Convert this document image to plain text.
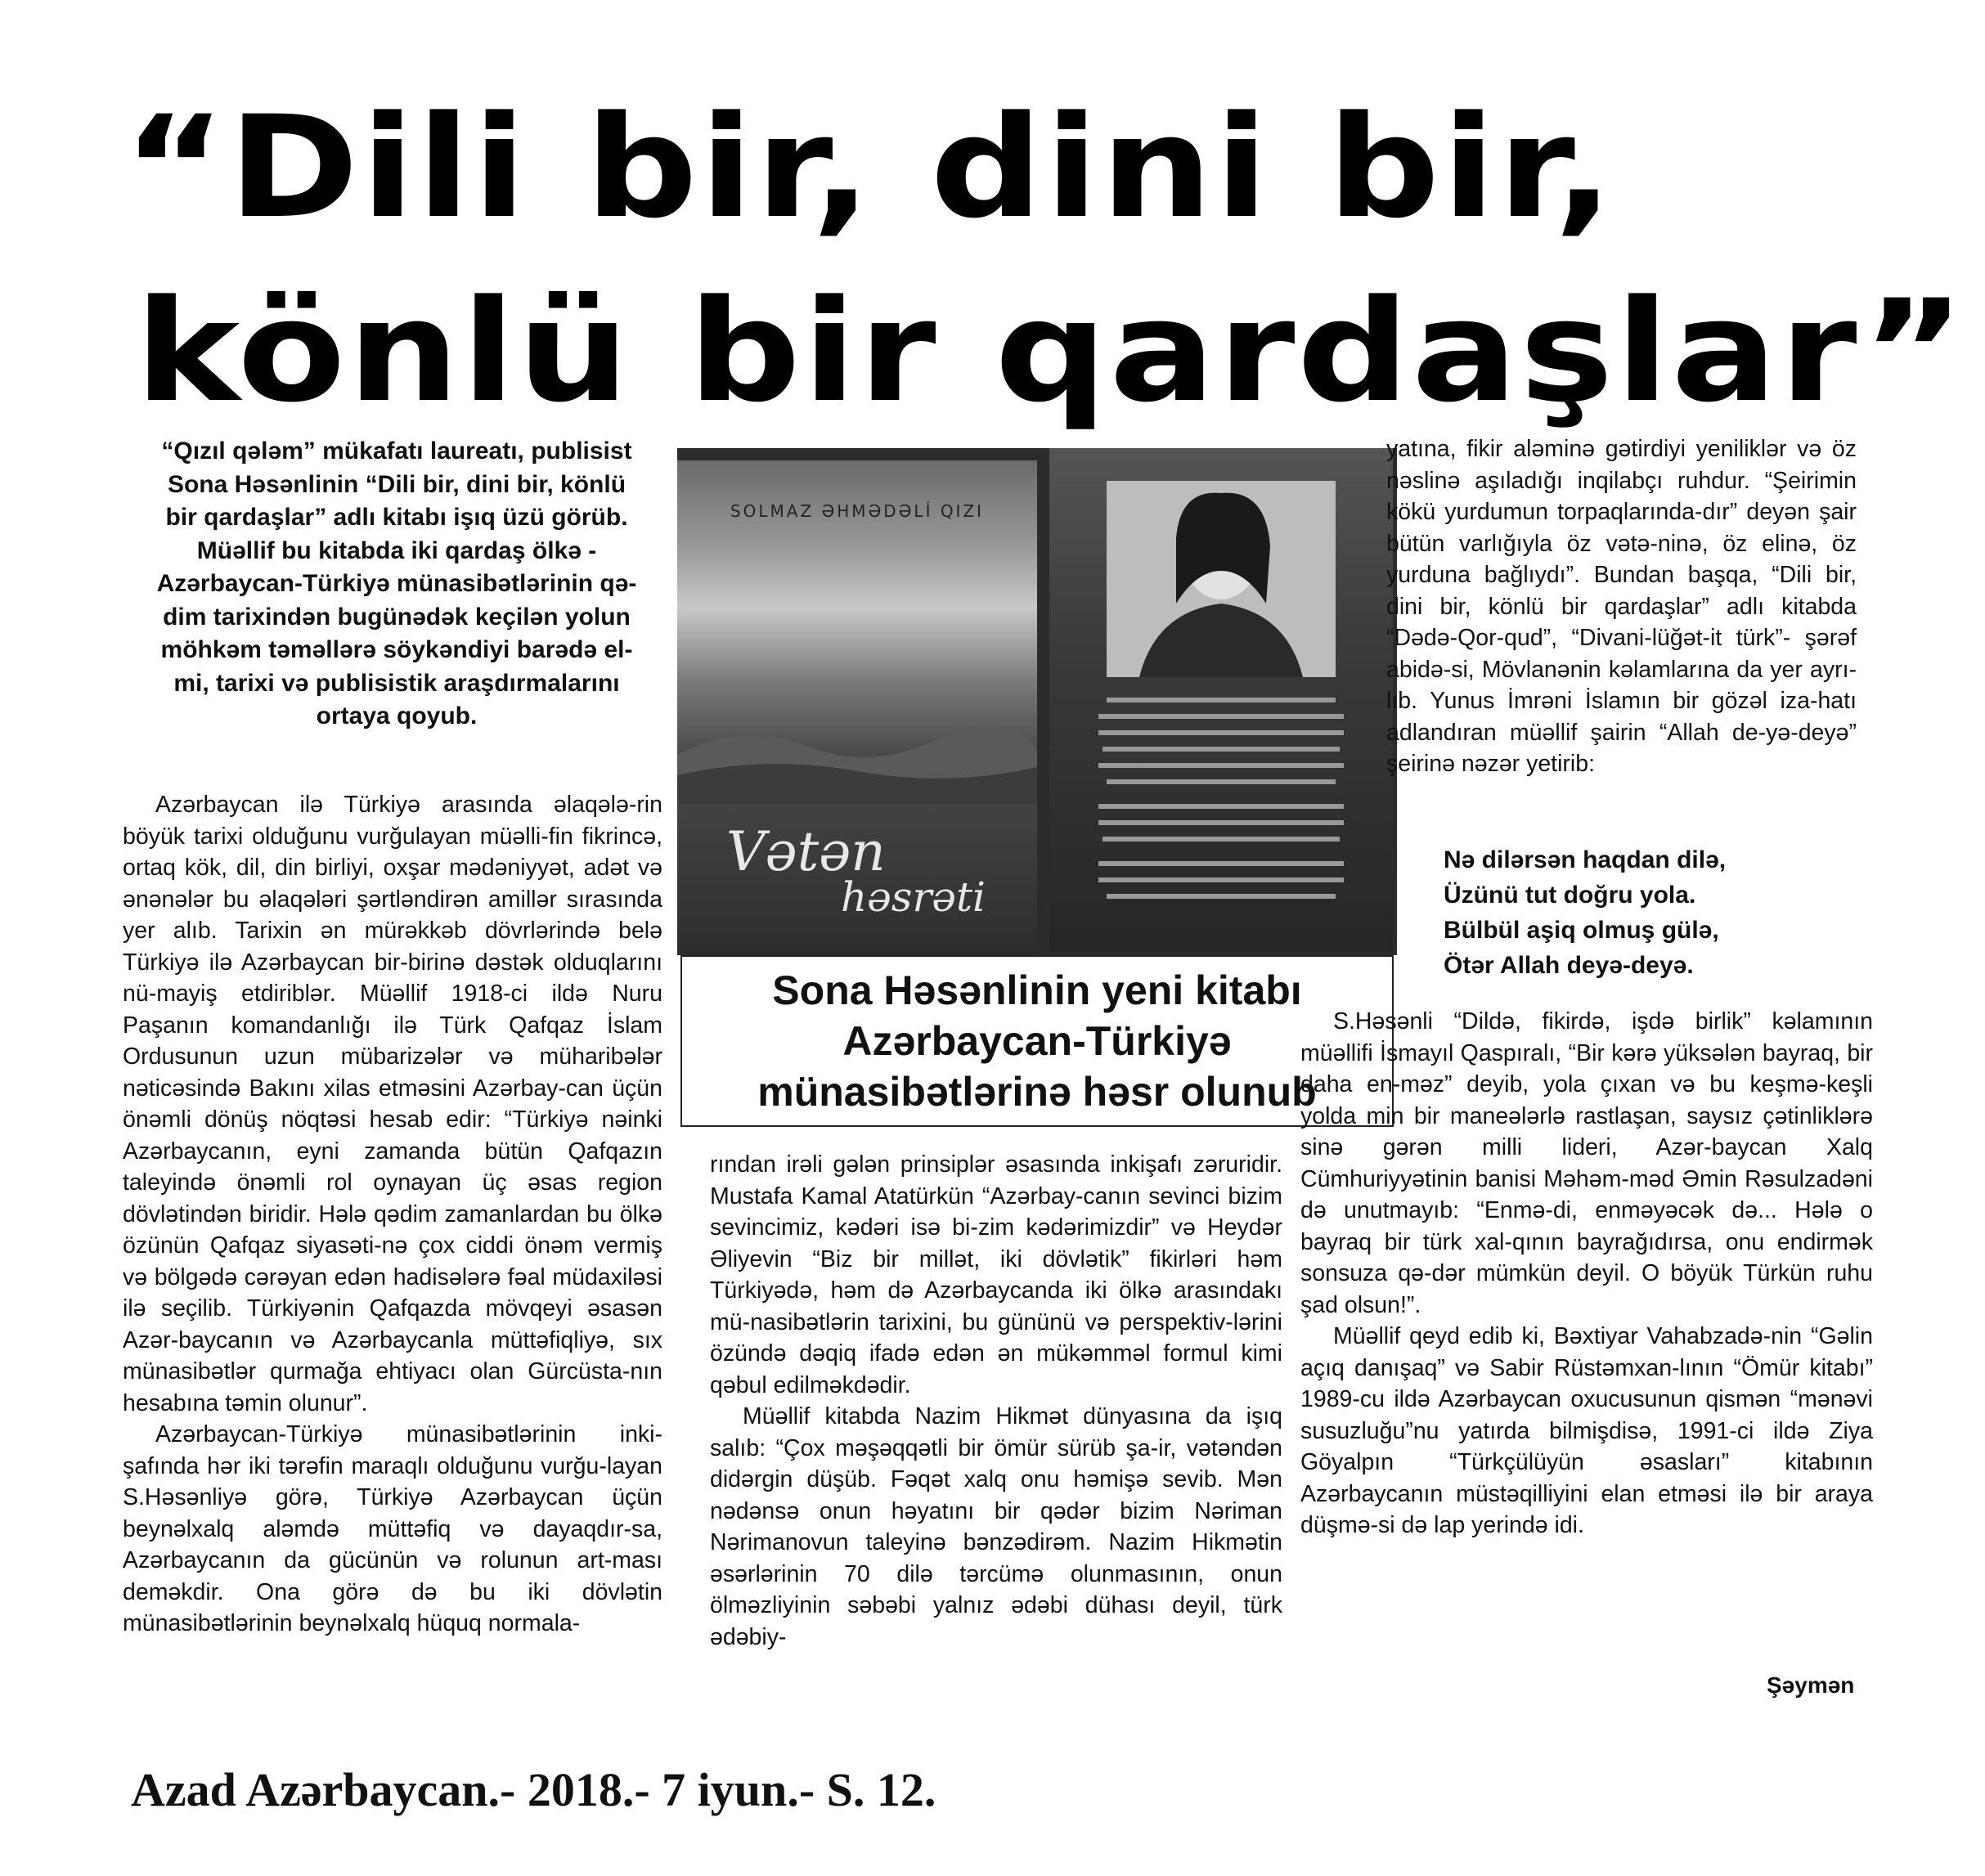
“Dili bir, dini bir,
könlü bir qardaşlar”
“Qızıl qələm” mükafatı laureatı, publisist
Sona Həsənlinin “Dili bir, dini bir, könlü
bir qardaşlar” adlı kitabı işıq üzü görüb.
Müəllif bu kitabda iki qardaş ölkə -
Azərbaycan-Türkiyə münasibətlərinin qə-
dim tarixindən bugünədək keçilən yolun
möhkəm təməllərə söykəndiyi barədə el-
mi, tarixi və publisistik araşdırmalarını
ortaya qoyub.

Azərbaycan ilə Türkiyə arasında əlaqələ-rin böyük tarixi olduğunu vurğulayan müəlli-fin fikrincə, ortaq kök, dil, din birliyi, oxşar mədəniyyət, adət və ənənələr bu əlaqələri şərtləndirən amillər sırasında yer alıb. Tarixin ən mürəkkəb dövrlərində belə Türkiyə ilə Azərbaycan bir-birinə dəstək olduqlarını nü-mayiş etdiriblər. Müəllif 1918-ci ildə Nuru Paşanın komandanlığı ilə Türk Qafqaz İslam Ordusunun uzun mübarizələr və müharibələr nəticəsində Bakını xilas etməsini Azərbay-can üçün önəmli dönüş nöqtəsi hesab edir: “Türkiyə nəinki Azərbaycanın, eyni zamanda bütün Qafqazın taleyində önəmli rol oynayan üç əsas region dövlətindən biridir. Hələ qədim zamanlardan bu ölkə özünün Qafqaz siyasəti-nə çox ciddi önəm vermiş və bölgədə cərəyan edən hadisələrə fəal müdaxiləsi ilə seçilib. Türkiyənin Qafqazda mövqeyi əsasən Azər-baycanın və Azərbaycanla müttəfiqliyə, sıx münasibətlər qurmağa ehtiyacı olan Gürcüsta-nın hesabına təmin olunur”.

Azərbaycan-Türkiyə münasibətlərinin inki-şafında hər iki tərəfin maraqlı olduğunu vurğu-layan S.Həsənliyə görə, Türkiyə Azərbaycan üçün beynəlxalq aləmdə müttəfiq və dayaqdır-sa, Azərbaycanın da gücünün və rolunun art-ması deməkdir. Ona görə də bu iki dövlətin münasibətlərinin beynəlxalq hüquq normala-

SOLMAZ ƏHMƏDƏLİ QIZI
Vətən
həsrəti
Sona Həsənlinin yeni kitabı
Azərbaycan-Türkiyə
münasibətlərinə həsr olunub

rından irəli gələn prinsiplər əsasında inkişafı zəruridir. Mustafa Kamal Atatürkün “Azərbay-canın sevinci bizim sevincimiz, kədəri isə bi-zim kədərimizdir” və Heydər Əliyevin “Biz bir millət, iki dövlətik” fikirləri həm Türkiyədə, həm də Azərbaycanda iki ölkə arasındakı mü-nasibətlərin tarixini, bu gününü və perspektiv-lərini özündə dəqiq ifadə edən ən mükəmməl formul kimi qəbul edilməkdədir.

Müəllif kitabda Nazim Hikmət dünyasına da işıq salıb: “Çox məşəqqətli bir ömür sürüb şa-ir, vətəndən didərgin düşüb. Fəqət xalq onu həmişə sevib. Mən nədənsə onun həyatını bir qədər bizim Nəriman Nərimanovun taleyinə bənzədirəm. Nazim Hikmətin əsərlərinin 70 dilə tərcümə olunmasının, onun ölməzliyinin səbəbi yalnız ədəbi dühası deyil, türk ədəbiy-

yatına, fikir aləminə gətirdiyi yeniliklər və öz nəslinə aşıladığı inqilabçı ruhdur. “Şeirimin kökü yurdumun torpaqlarında-dır” deyən şair bütün varlığıyla öz vətə-ninə, öz elinə, öz yurduna bağlıydı”. Bundan başqa, “Dili bir, dini bir, könlü bir qardaşlar” adlı kitabda “Dədə-Qor-qud”, “Divani-lüğət-it türk”- şərəf abidə-si, Mövlanənin kəlamlarına da yer ayrı-lıb. Yunus İmrəni İslamın bir gözəl iza-hatı adlandıran müəllif şairin “Allah de-yə-deyə” şeirinə nəzər yetirib:

Nə dilərsən haqdan dilə,
Üzünü tut doğru yola.
Bülbül aşiq olmuş gülə,
Ötər Allah deyə-deyə.

S.Həsənli “Dildə, fikirdə, işdə birlik” kəlamının müəllifi İsmayıl Qaspıralı, “Bir kərə yüksələn bayraq, bir daha en-məz” deyib, yola çıxan və bu keşmə-keşli yolda min bir maneələrlə rastlaşan, saysız çətinliklərə sinə gərən milli lideri, Azər-baycan Xalq Cümhuriyyətinin banisi Məhəm-məd Əmin Rəsulzadəni də unutmayıb: “Enmə-di, enməyəcək də... Hələ o bayraq bir türk xal-qının bayrağıdırsa, onu endirmək sonsuza qə-dər mümkün deyil. O böyük Türkün ruhu şad olsun!”.

Müəllif qeyd edib ki, Bəxtiyar Vahabzadə-nin “Gəlin açıq danışaq” və Sabir Rüstəmxan-lının “Ömür kitabı” 1989-cu ildə Azərbaycan oxucusunun qismən “mənəvi susuzluğu”nu yatırda bilmişdisə, 1991-ci ildə Ziya Göyalpın “Türkçülüyün əsasları” kitabının Azərbaycanın müstəqilliyini elan etməsi ilə bir araya düşmə-si də lap yerində idi.

Şəymən
Azad Azərbaycan.- 2018.- 7 iyun.- S. 12.
